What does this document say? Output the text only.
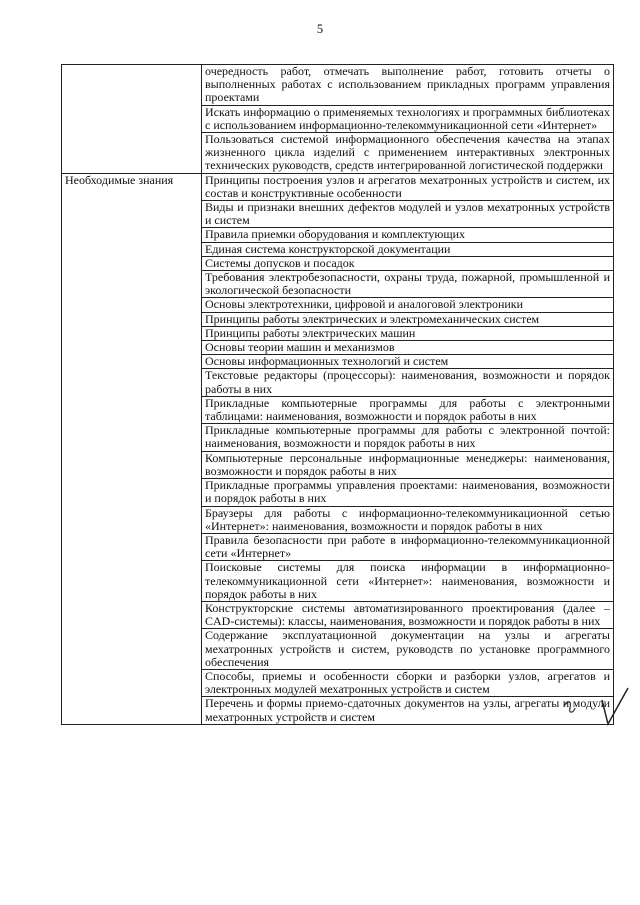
5
	очередность работ, отмечать выполнение работ, готовить отчеты о выполненных работах с использованием прикладных программ управления проектами
	Искать информацию о применяемых технологиях и программных библиотеках с использованием информационно-телекоммуникационной сети «Интернет»
	Пользоваться системой информационного обеспечения качества на этапах жизненного цикла изделий с применением интерактивных электронных технических руководств, средств интегрированной логистической поддержки
Необходимые знания	Принципы построения узлов и агрегатов мехатронных устройств и систем, их состав и конструктивные особенности
	Виды и признаки внешних дефектов модулей и узлов мехатронных устройств и систем
	Правила приемки оборудования и комплектующих
	Единая система конструкторской документации
	Системы допусков и посадок
	Требования электробезопасности, охраны труда, пожарной, промышленной и экологической безопасности
	Основы электротехники, цифровой и аналоговой электроники
	Принципы работы электрических и электромеханических систем
	Принципы работы электрических машин
	Основы теории машин и механизмов
	Основы информационных технологий и систем
	Текстовые редакторы (процессоры): наименования, возможности и порядок работы в них
	Прикладные компьютерные программы для работы с электронными таблицами: наименования, возможности и порядок работы в них
	Прикладные компьютерные программы для работы с электронной почтой: наименования, возможности и порядок работы в них
	Компьютерные персональные информационные менеджеры: наименования, возможности и порядок работы в них
	Прикладные программы управления проектами: наименования, возможности и порядок работы в них
	Браузеры для работы с информационно-телекоммуникационной сетью «Интернет»: наименования, возможности и порядок работы в них
	Правила безопасности при работе в информационно-телекоммуникационной сети «Интернет»
	Поисковые системы для поиска информации в информационно-телекоммуникационной сети «Интернет»: наименования, возможности и порядок работы в них
	Конструкторские системы автоматизированного проектирования (далее – CAD-системы): классы, наименования, возможности и порядок работы в них
	Содержание эксплуатационной документации на узлы и агрегаты мехатронных устройств и систем, руководств по установке программного обеспечения
	Способы, приемы и особенности сборки и разборки узлов, агрегатов и электронных модулей мехатронных устройств и систем
	Перечень и формы приемо-сдаточных документов на узлы, агрегаты и модули мехатронных устройств и систем
